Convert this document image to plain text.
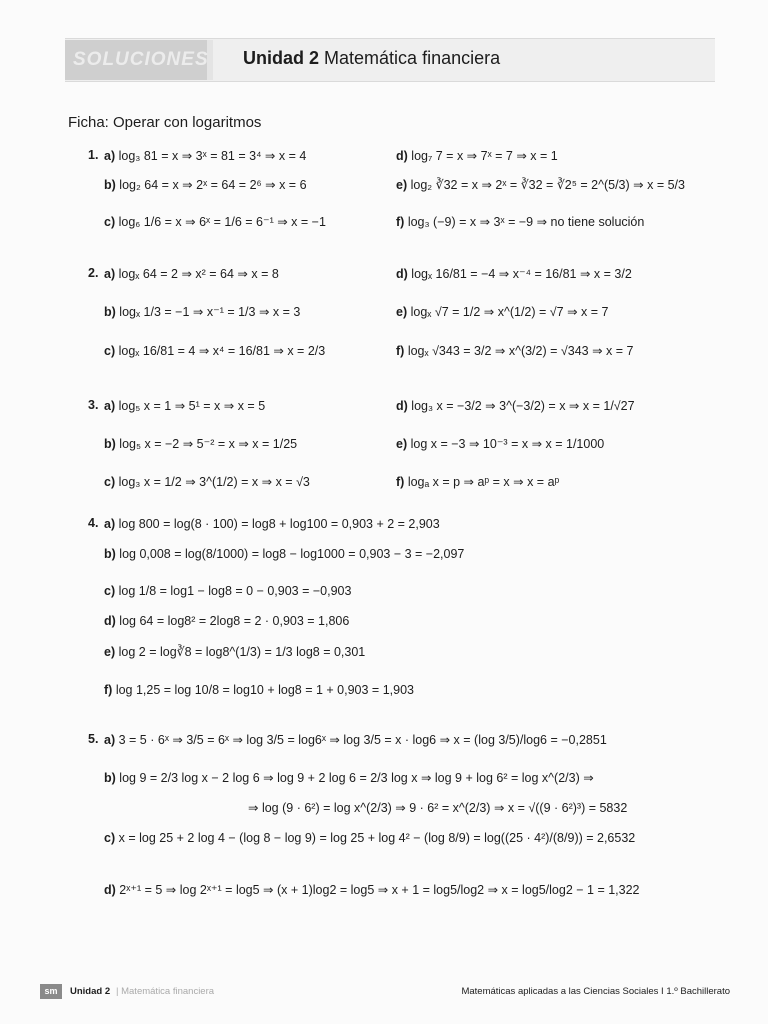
SOLUCIONES Unidad 2 Matemática financiera
Ficha: Operar con logaritmos
1. a) log₃ 81 = x ⇒ 3ˣ = 81 = 3⁴ ⇒ x = 4
b) log₂ 64 = x ⇒ 2ˣ = 64 = 2⁶ ⇒ x = 6
c) log₆ 1/6 = x ⇒ 6ˣ = 1/6 = 6⁻¹ ⇒ x = −1
d) log₇ 7 = x ⇒ 7ˣ = 7 ⇒ x = 1
e) log₂ ∛32 = x ⇒ 2ˣ = ∛32 = ∛2⁵ = 2^(5/3) ⇒ x = 5/3
f) log₃ (−9) = x ⇒ 3ˣ = −9 ⇒ no tiene solución
2. a) logₓ 64 = 2 ⇒ x² = 64 ⇒ x = 8
b) logₓ 1/3 = −1 ⇒ x⁻¹ = 1/3 ⇒ x = 3
c) logₓ 16/81 = 4 ⇒ x⁴ = 16/81 ⇒ x = 2/3
d) logₓ 16/81 = −4 ⇒ x⁻⁴ = 16/81 ⇒ x = 3/2
e) logₓ √7 = 1/2 ⇒ x^(1/2) = √7 ⇒ x = 7
f) logₓ √343 = 3/2 ⇒ x^(3/2) = √343 ⇒ x = 7
3. a) log₅ x = 1 ⇒ 5¹ = x ⇒ x = 5
b) log₅ x = −2 ⇒ 5⁻² = x ⇒ x = 1/25
c) log₃ x = 1/2 ⇒ 3^(1/2) = x ⇒ x = √3
d) log₃ x = −3/2 ⇒ 3^(−3/2) = x ⇒ x = 1/√27
e) log x = −3 ⇒ 10⁻³ = x ⇒ x = 1/1000
f) logₐ x = p ⇒ aᵖ = x ⇒ x = aᵖ
4. a) log 800 = log(8 · 100) = log8 + log100 = 0,903 + 2 = 2,903
b) log 0,008 = log(8/1000) = log8 − log1000 = 0,903 − 3 = −2,097
c) log 1/8 = log1 − log8 = 0 − 0,903 = −0,903
d) log 64 = log8² = 2log8 = 2 · 0,903 = 1,806
e) log 2 = log∛8 = log8^(1/3) = 1/3 log8 = 0,301
f) log 1,25 = log 10/8 = log10 + log8 = 1 + 0,903 = 1,903
5. a) 3 = 5 · 6ˣ ⇒ 3/5 = 6ˣ ⇒ log 3/5 = log6ˣ ⇒ log 3/5 = x · log6 ⇒ x = (log 3/5)/log6 = −0,2851
b) log 9 = 2/3 log x − 2 log 6 ⇒ log 9 + 2 log 6 = 2/3 log x ⇒ log 9 + log 6² = log x^(2/3) ⇒
⇒ log (9 · 6²) = log x^(2/3) ⇒ 9 · 6² = x^(2/3) ⇒ x = √((9 · 6²)³) = 5832
c) x = log 25 + 2 log 4 − (log 8 − log 9) = log 25 + log 4² − (log 8/9) = log((25 · 4²)/(8/9)) = 2,6532
d) 2ˣ⁺¹ = 5 ⇒ log 2ˣ⁺¹ = log5 ⇒ (x + 1)log2 = log5 ⇒ x + 1 = log5/log2 ⇒ x = log5/log2 − 1 = 1,322
sm	Unidad 2 | Matemática financiera	Matemáticas aplicadas a las Ciencias Sociales I 1.º Bachillerato
